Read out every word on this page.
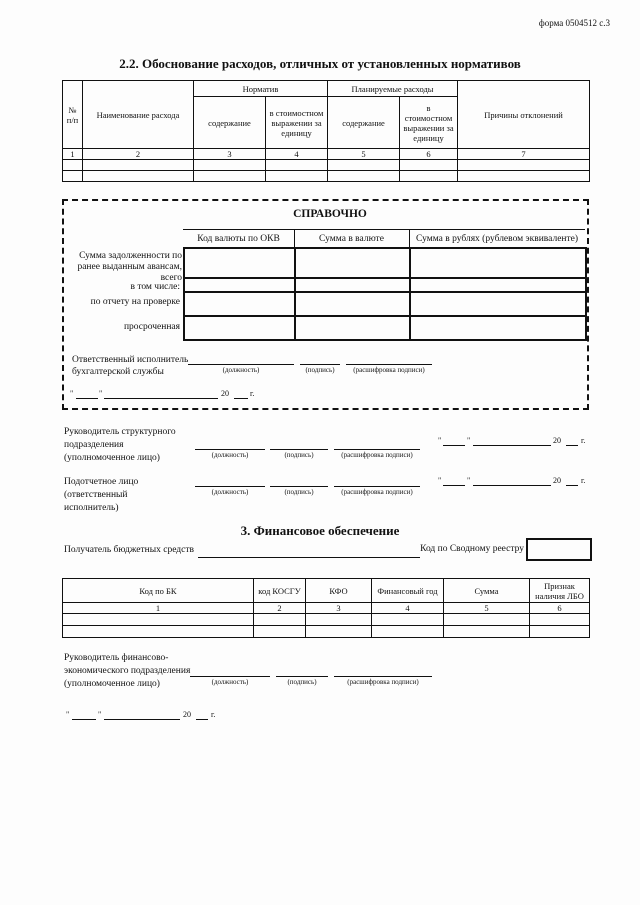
форма 0504512 с.3
2.2. Обоснование расходов, отличных от установленных нормативов
№ п/п	Наименование расхода	Норматив		Планируемые расходы		Причины отклонений
		содержание	в стоимостном выражении за единицу	содержание	в стоимостном выражении за единицу	
1	2	3	4	5	6	7

СПРАВОЧНО
Код валюты по ОКВ	Сумма в валюте	Сумма в рублях (рублевом эквиваленте)
Сумма задолженности по ранее выданным авансам, всего
в том числе:
по отчету на проверке
просроченная

Ответственный исполнитель бухгалтерской службы	(должность)	(подпись)	(расшифровка подписи)
"	"	20	г.
Руководитель структурного подразделения (уполномоченное лицо)	(должность)	(подпись)	(расшифровка подписи)
"	"	20	г.
Подотчетное лицо (ответственный исполнитель)
(должность)	(подпись)	(расшифровка подписи)
"	"	20	г.
3. Финансовое обеспечение
Получатель бюджетных средств	Код по Сводному реестру
Код по БК	код КОСГУ	КФО	Финансовый год	Сумма	Признак наличия ЛБО
1	2	3	4	5	6

Руководитель финансово-экономического подразделения (уполномоченное лицо)	(должность)	(подпись)	(расшифровка подписи)
"	"	20	г.
